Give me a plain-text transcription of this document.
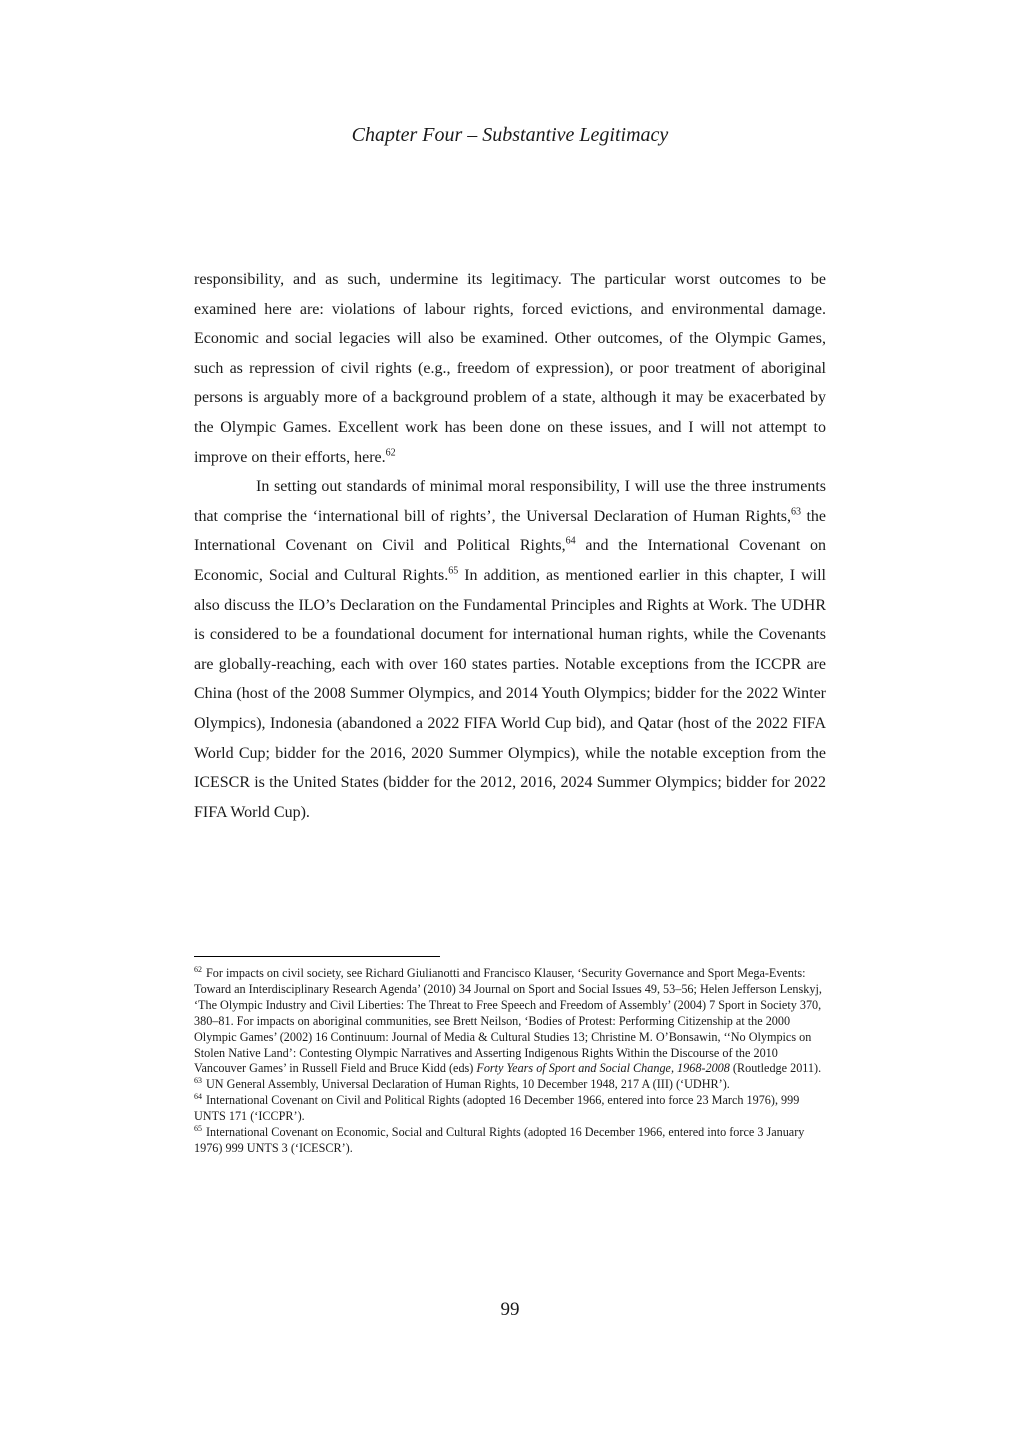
Chapter Four – Substantive Legitimacy

responsibility, and as such, undermine its legitimacy. The particular worst outcomes to be examined here are: violations of labour rights, forced evictions, and environmental damage. Economic and social legacies will also be examined. Other outcomes, of the Olympic Games, such as repression of civil rights (e.g., freedom of expression), or poor treatment of aboriginal persons is arguably more of a background problem of a state, although it may be exacerbated by the Olympic Games. Excellent work has been done on these issues, and I will not attempt to improve on their efforts, here.$^{62}$

In setting out standards of minimal moral responsibility, I will use the three instruments that comprise the ‘international bill of rights’, the Universal Declaration of Human Rights,$^{63}$ the International Covenant on Civil and Political Rights,$^{64}$ and the International Covenant on Economic, Social and Cultural Rights.$^{65}$ In addition, as mentioned earlier in this chapter, I will also discuss the ILO’s Declaration on the Fundamental Principles and Rights at Work. The UDHR is considered to be a foundational document for international human rights, while the Covenants are globally-reaching, each with over 160 states parties. Notable exceptions from the ICCPR are China (host of the 2008 Summer Olympics, and 2014 Youth Olympics; bidder for the 2022 Winter Olympics), Indonesia (abandoned a 2022 FIFA World Cup bid), and Qatar (host of the 2022 FIFA World Cup; bidder for the 2016, 2020 Summer Olympics), while the notable exception from the ICESCR is the United States (bidder for the 2012, 2016, 2024 Summer Olympics; bidder for 2022 FIFA World Cup).

$^{62}$ For impacts on civil society, see Richard Giulianotti and Francisco Klauser, ‘Security Governance and Sport Mega-Events: Toward an Interdisciplinary Research Agenda’ (2010) 34 Journal on Sport and Social Issues 49, 53–56; Helen Jefferson Lenskyj, ‘The Olympic Industry and Civil Liberties: The Threat to Free Speech and Freedom of Assembly’ (2004) 7 Sport in Society 370, 380–81. For impacts on aboriginal communities, see Brett Neilson, ‘Bodies of Protest: Performing Citizenship at the 2000 Olympic Games’ (2002) 16 Continuum: Journal of Media & Cultural Studies 13; Christine M. O’Bonsawin, ‘‘No Olympics on Stolen Native Land’: Contesting Olympic Narratives and Asserting Indigenous Rights Within the Discourse of the 2010 Vancouver Games’ in Russell Field and Bruce Kidd (eds) Forty Years of Sport and Social Change, 1968-2008 (Routledge 2011).

$^{63}$ UN General Assembly, Universal Declaration of Human Rights, 10 December 1948, 217 A (III) (‘UDHR’).

$^{64}$ International Covenant on Civil and Political Rights (adopted 16 December 1966, entered into force 23 March 1976), 999 UNTS 171 (‘ICCPR’).

$^{65}$ International Covenant on Economic, Social and Cultural Rights (adopted 16 December 1966, entered into force 3 January 1976) 999 UNTS 3 (‘ICESCR’).

99
